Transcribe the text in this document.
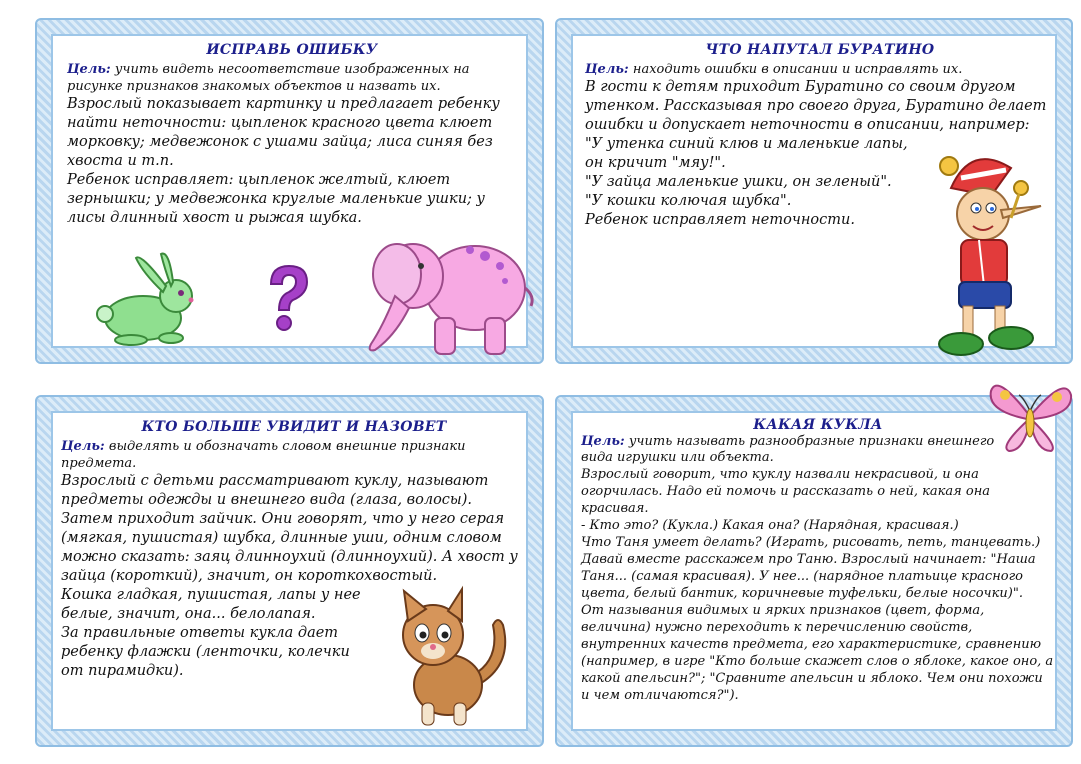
ИСПРАВЬ ОШИБКУ

Цель: учить видеть несоответствие изображенных на рисунке признаков знакомых объектов и назвать их.

Взрослый показывает картинку и предлагает ребенку найти неточности: цыпленок красного цвета клюет морковку; медвежонок с ушами зайца; лиса синяя без хвоста и т.п.

Ребенок исправляет: цыпленок желтый, клюет зернышки; у медвежонка круглые маленькие ушки; у лисы длинный хвост и рыжая шубка.

ЧТО НАПУТАЛ БУРАТИНО

Цель: находить ошибки в описании и исправлять их.

В гости к детям приходит Буратино со своим другом утенком. Рассказывая про своего друга, Буратино делает ошибки и допускает неточности в описании, например:

"У утенка синий клюв и маленькие лапы, он кричит "мяу!".

"У зайца маленькие ушки, он зеленый".

"У кошки колючая шубка".

Ребенок исправляет неточности.

КТО БОЛЬШЕ УВИДИТ И НАЗОВЕТ

Цель: выделять и обозначать словом внешние признаки предмета.

Взрослый с детьми рассматривают куклу, называют предметы одежды и внешнего вида (глаза, волосы). Затем приходит зайчик. Они говорят, что у него серая (мягкая, пушистая) шубка, длинные уши, одним словом можно сказать: заяц длинноухий (длинноухий). А хвост у зайца (короткий), значит, он короткохвостый.

Кошка гладкая, пушистая, лапы у нее белые, значит, она... белолапая.

За правильные ответы кукла дает ребенку флажки (ленточки, колечки от пирамидки).

КАКАЯ КУКЛА

Цель: учить называть разнообразные признаки внешнего вида игрушки или объекта.

Взрослый говорит, что куклу назвали некрасивой, и она огорчилась. Надо ей помочь и рассказать о ней, какая она красивая.

- Кто это? (Кукла.) Какая она? (Нарядная, красивая.)

Что Таня умеет делать? (Играть, рисовать, петь, танцевать.) Давай вместе расскажем про Таню. Взрослый начинает: "Наша Таня... (самая красивая). У нее... (нарядное платьице красного цвета, белый бантик, коричневые туфельки, белые носочки)".

От называния видимых и ярких признаков (цвет, форма, величина) нужно переходить к перечислению свойств, внутренних качеств предмета, его характеристике, сравнению (например, в игре "Кто больше скажет слов о яблоке, какое оно, а какой апельсин?"; "Сравните апельсин и яблоко. Чем они похожи и чем отличаются?").
